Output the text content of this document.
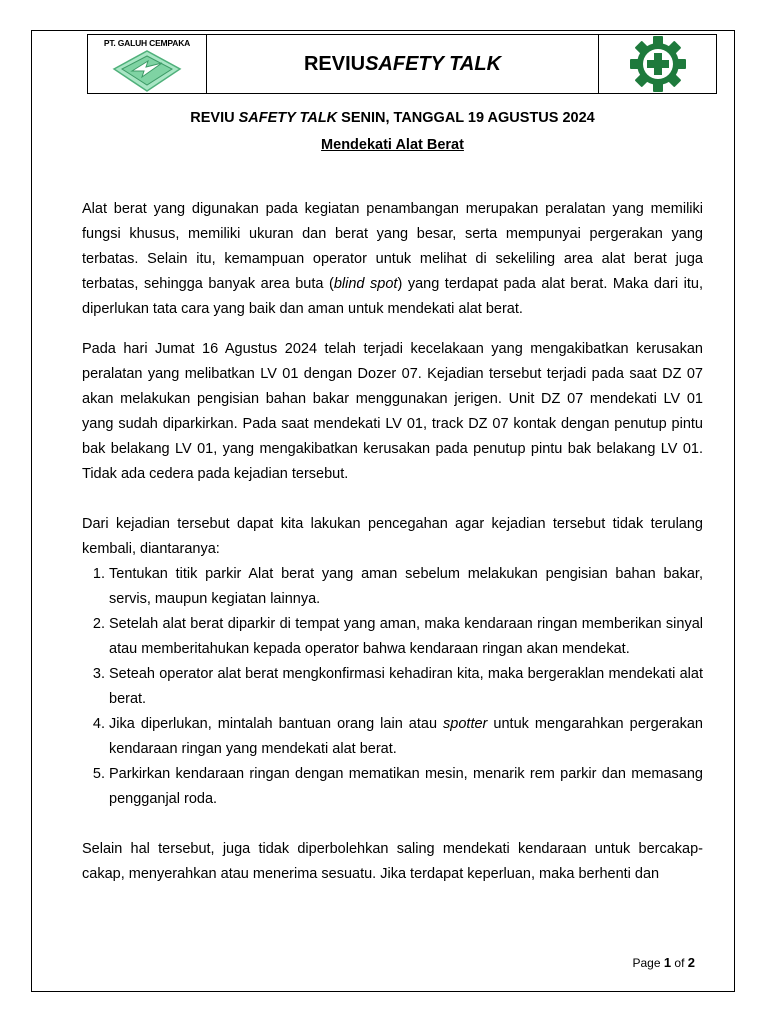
PT. GALUH CEMPAKA
REVIU SAFETY TALK
REVIU SAFETY TALK SENIN, TANGGAL 19 AGUSTUS 2024
Mendekati Alat Berat

Alat berat yang digunakan pada kegiatan penambangan merupakan peralatan yang memiliki fungsi khusus, memiliki ukuran dan berat yang besar, serta mempunyai pergerakan yang terbatas. Selain itu, kemampuan operator untuk melihat di sekeliling area alat berat juga terbatas, sehingga banyak area buta (blind spot) yang terdapat pada alat berat. Maka dari itu, diperlukan tata cara yang baik dan aman untuk mendekati alat berat.

Pada hari Jumat 16 Agustus 2024 telah terjadi kecelakaan yang mengakibatkan kerusakan peralatan yang melibatkan LV 01 dengan Dozer 07. Kejadian tersebut terjadi pada saat DZ 07 akan melakukan pengisian bahan bakar menggunakan jerigen. Unit DZ 07 mendekati LV 01 yang sudah diparkirkan. Pada saat mendekati LV 01, track DZ 07 kontak dengan penutup pintu bak belakang LV 01, yang mengakibatkan kerusakan pada penutup pintu bak belakang LV 01. Tidak ada cedera pada kejadian tersebut.

Dari kejadian tersebut dapat kita lakukan pencegahan agar kejadian tersebut tidak terulang kembali, diantaranya:

1. Tentukan titik parkir Alat berat yang aman sebelum melakukan pengisian bahan bakar, servis, maupun kegiatan lainnya.
2. Setelah alat berat diparkir di tempat yang aman, maka kendaraan ringan memberikan sinyal atau memberitahukan kepada operator bahwa kendaraan ringan akan mendekat.
3. Seteah operator alat berat mengkonfirmasi kehadiran kita, maka bergeraklan mendekati alat berat.
4. Jika diperlukan, mintalah bantuan orang lain atau spotter untuk mengarahkan pergerakan kendaraan ringan yang mendekati alat berat.
5. Parkirkan kendaraan ringan dengan mematikan mesin, menarik rem parkir dan memasang pengganjal roda.

Selain hal tersebut, juga tidak diperbolehkan saling mendekati kendaraan untuk bercakap-cakap, menyerahkan atau menerima sesuatu. Jika terdapat keperluan, maka berhenti dan

Page 1 of 2
